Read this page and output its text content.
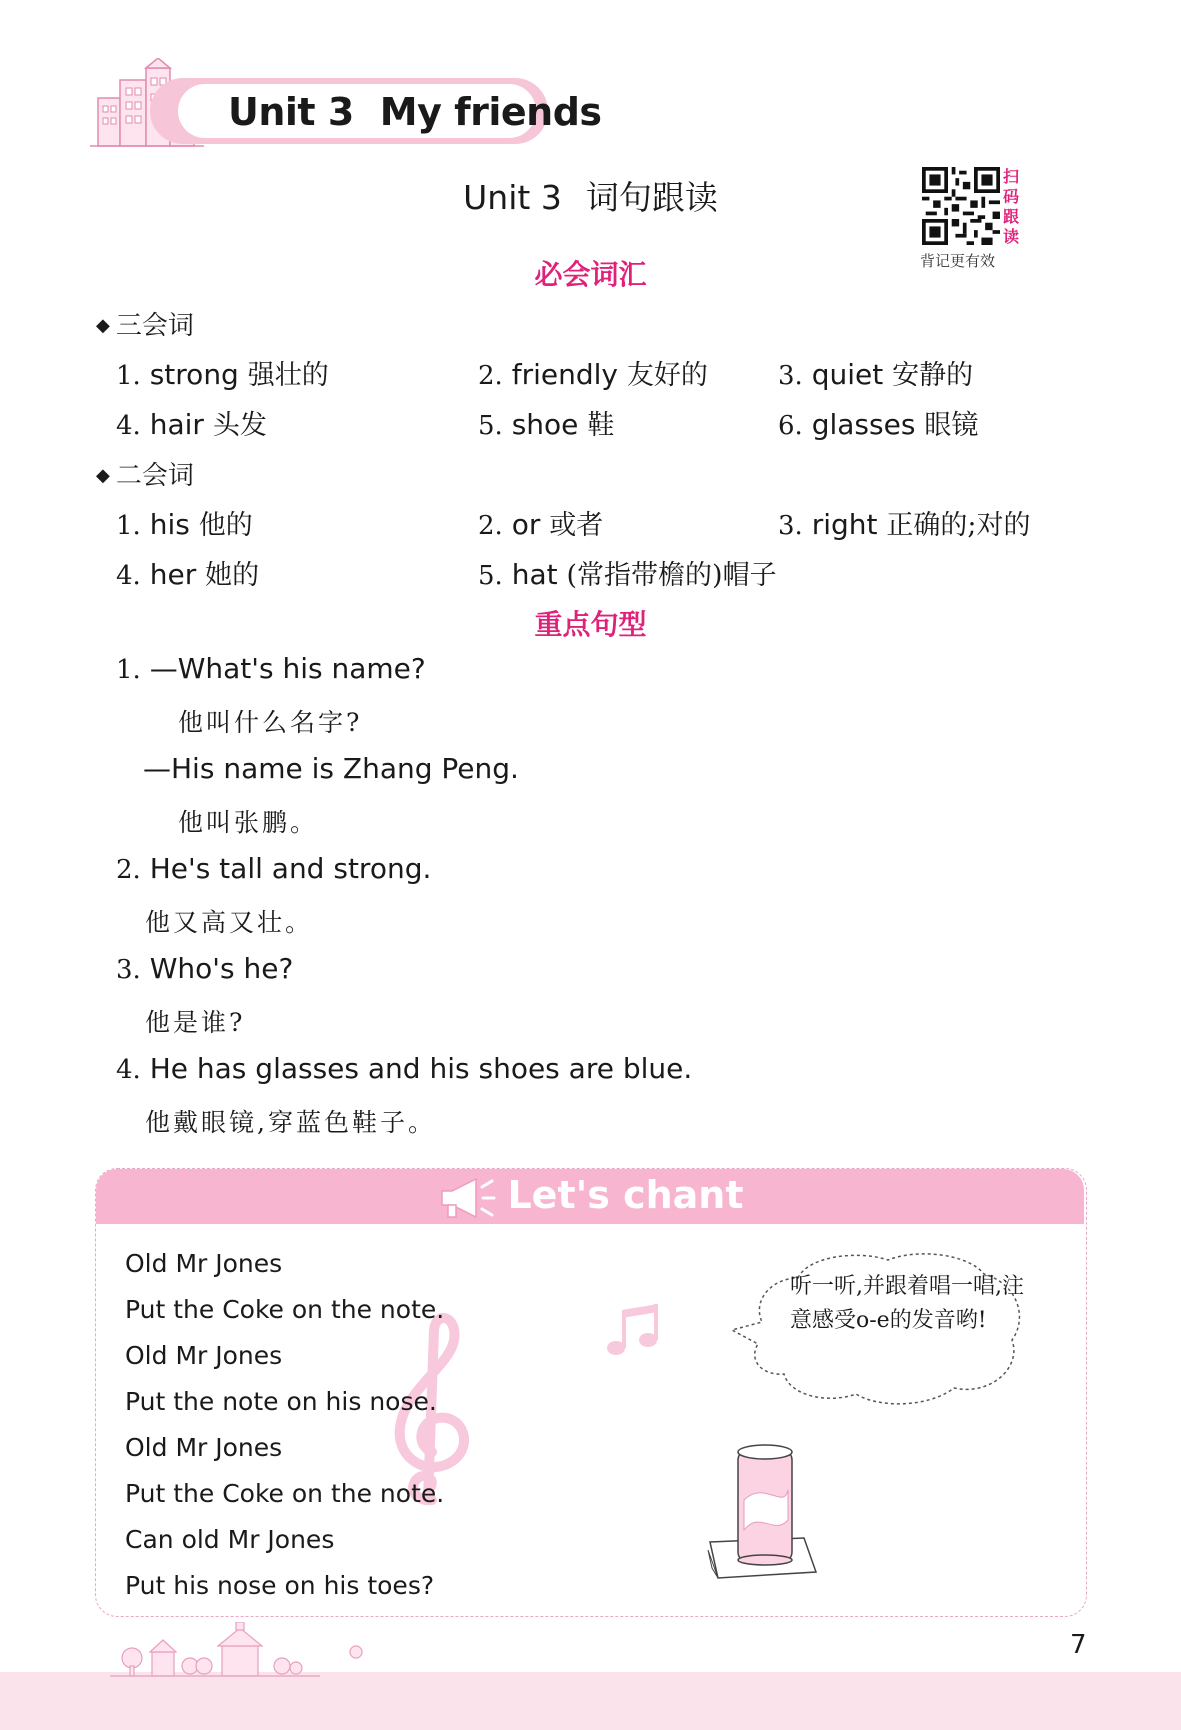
Unit 3 My friends
Unit 3 词句跟读
扫
码
跟
读
背记更有效
必会词汇
◆ 三会词
1. strong 强壮的	2. friendly 友好的	3. quiet 安静的
4. hair 头发	5. shoe 鞋	6. glasses 眼镜
◆ 二会词
1. his 他的	2. or 或者	3. right 正确的;对的
4. her 她的	5. hat (常指带檐的)帽子
重点句型
1. —What's his name?
他叫什么名字?
—His name is Zhang Peng.
他叫张鹏。
2. He's tall and strong.
他又高又壮。
3. Who's he?
他是谁?
4. He has glasses and his shoes are blue.
他戴眼镜,穿蓝色鞋子。
Let's chant
Old Mr Jones
Put the Coke on the note.
Old Mr Jones
Put the note on his nose.
Old Mr Jones
Put the Coke on the note.
Can old Mr Jones
Put his nose on his toes?
听一听,并跟着唱一唱,注意感受o-e的发音哟!
7
